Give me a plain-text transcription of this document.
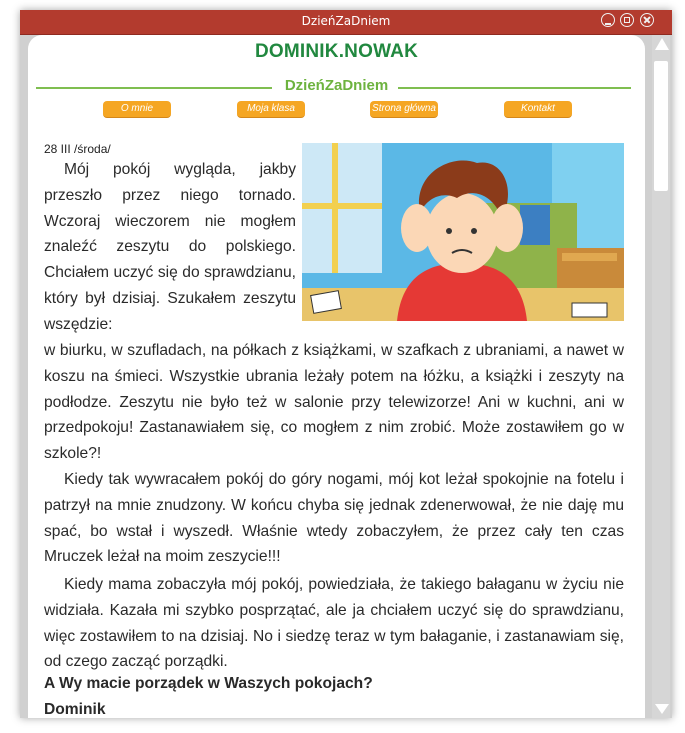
DzieńZaDniem
DOMINIK.NOWAK
DzieńZaDniem
O mnie	Moja klasa	Strona główna	Kontakt
28 III /środa/
Mój pokój wygląda, jakby przeszło przez niego tornado. Wczoraj wieczorem nie mogłem znaleźć zeszytu do polskiego. Chciałem uczyć się do sprawdzianu, który był dzisiaj. Szukałem zeszytu wszędzie:
w biurku, w szufladach, na półkach z książkami, w szafkach z ubraniami, a nawet w koszu na śmieci. Wszystkie ubrania leżały potem na łóżku, a książki i zeszyty na podłodze. Zeszytu nie było też w salonie przy telewizorze! Ani w kuchni, ani w przedpokoju! Zastanawiałem się, co mogłem z nim zrobić. Może zostawiłem go w szkole?!
Kiedy tak wywracałem pokój do góry nogami, mój kot leżał spokojnie na fotelu i patrzył na mnie znudzony. W końcu chyba się jednak zdenerwował, że nie daję mu spać, bo wstał i wyszedł. Właśnie wtedy zobaczyłem, że przez cały ten czas Mruczek leżał na moim zeszycie!!!
Kiedy mama zobaczyła mój pokój, powiedziała, że takiego bałaganu w życiu nie widziała. Kazała mi szybko posprzątać, ale ja chciałem uczyć się do sprawdzianu, więc zostawiłem to na dzisiaj. No i siedzę teraz w tym bałaganie, i zastanawiam się, od czego zacząć porządki.
A Wy macie porządek w Waszych pokojach?
Dominik
